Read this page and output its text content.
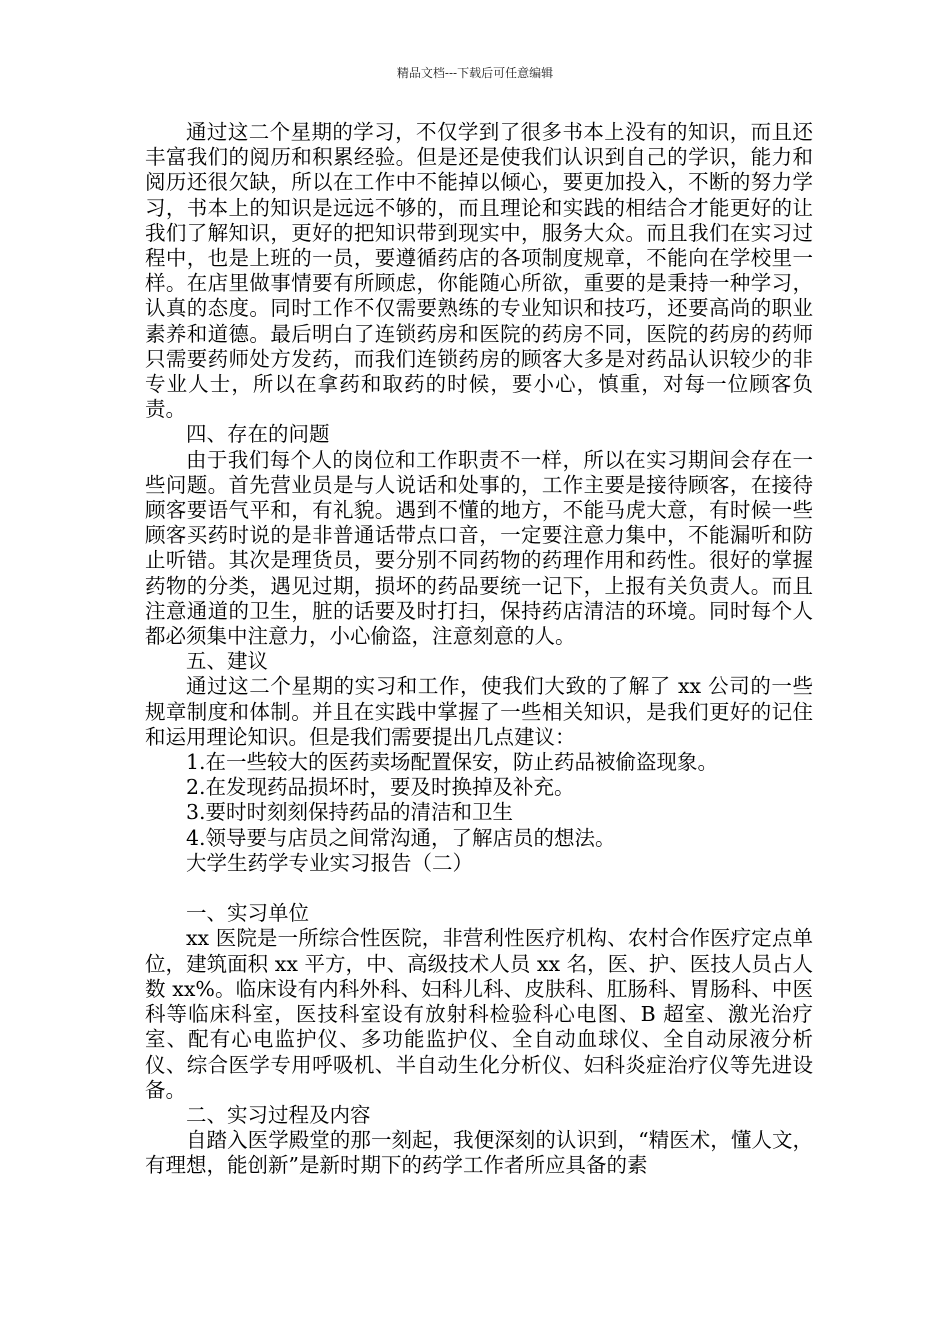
精品文档---下载后可任意编辑

通过这二个星期的学习，不仅学到了很多书本上没有的知识，而且还丰富我们的阅历和积累经验。但是还是使我们认识到自己的学识，能力和阅历还很欠缺，所以在工作中不能掉以倾心，要更加投入，不断的努力学习，书本上的知识是远远不够的，而且理论和实践的相结合才能更好的让我们了解知识，更好的把知识带到现实中，服务大众。而且我们在实习过程中，也是上班的一员，要遵循药店的各项制度规章，不能向在学校里一样。在店里做事情要有所顾虑，你能随心所欲，重要的是秉持一种学习，认真的态度。同时工作不仅需要熟练的专业知识和技巧，还要高尚的职业素养和道德。最后明白了连锁药房和医院的药房不同，医院的药房的药师只需要药师处方发药，而我们连锁药房的顾客大多是对药品认识较少的非专业人士，所以在拿药和取药的时候，要小心，慎重，对每一位顾客负责。

四、存在的问题

由于我们每个人的岗位和工作职责不一样，所以在实习期间会存在一些问题。首先营业员是与人说话和处事的，工作主要是接待顾客，在接待顾客要语气平和，有礼貌。遇到不懂的地方，不能马虎大意，有时候一些顾客买药时说的是非普通话带点口音，一定要注意力集中，不能漏听和防止听错。其次是理货员，要分别不同药物的药理作用和药性。很好的掌握药物的分类，遇见过期，损坏的药品要统一记下，上报有关负责人。而且注意通道的卫生，脏的话要及时打扫，保持药店清洁的环境。同时每个人都必须集中注意力，小心偷盗，注意刻意的人。

五、建议

通过这二个星期的实习和工作，使我们大致的了解了 xx 公司的一些规章制度和体制。并且在实践中掌握了一些相关知识，是我们更好的记住和运用理论知识。但是我们需要提出几点建议：

1.在一些较大的医药卖场配置保安，防止药品被偷盗现象。

2.在发现药品损坏时，要及时换掉及补充。

3.要时时刻刻保持药品的清洁和卫生

4.领导要与店员之间常沟通，了解店员的想法。

大学生药学专业实习报告（二）

一、实习单位

xx 医院是一所综合性医院，非营利性医疗机构、农村合作医疗定点单位，建筑面积 xx 平方，中、高级技术人员 xx 名，医、护、医技人员占人数 xx%。临床设有内科外科、妇科儿科、皮肤科、肛肠科、胃肠科、中医科等临床科室，医技科室设有放射科检验科心电图、B 超室、激光治疗室、配有心电监护仪、多功能监护仪、全自动血球仪、全自动尿液分析仪、综合医学专用呼吸机、半自动生化分析仪、妇科炎症治疗仪等先进设备。

二、实习过程及内容

自踏入医学殿堂的那一刻起，我便深刻的认识到，“精医术，懂人文，有理想，能创新”是新时期下的药学工作者所应具备的素
